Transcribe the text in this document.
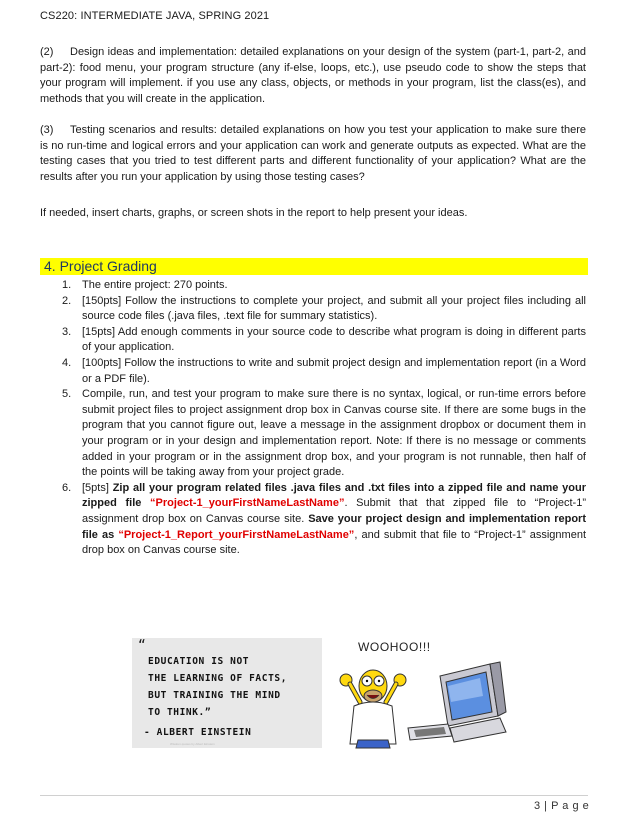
CS220: INTERMEDIATE JAVA, SPRING 2021
(2) Design ideas and implementation: detailed explanations on your design of the system (part-1, part-2, and part-2): food menu, your program structure (any if-else, loops, etc.), use pseudo code to show the steps that your program will implement. if you use any class, objects, or methods in your program, list the class(es), and methods that you will create in the application.
(3) Testing scenarios and results: detailed explanations on how you test your application to make sure there is no run-time and logical errors and your application can work and generate outputs as expected. What are the testing cases that you tried to test different parts and different functionality of your application? What are the results after you run your application by using those testing cases?
If needed, insert charts, graphs, or screen shots in the report to help present your ideas.
4. Project Grading
1. The entire project: 270 points.
2. [150pts] Follow the instructions to complete your project, and submit all your project files including all source code files (.java files, .text file for summary statistics).
3. [15pts] Add enough comments in your source code to describe what program is doing in different parts of your application.
4. [100pts] Follow the instructions to write and submit project design and implementation report (in a Word or a PDF file).
5. Compile, run, and test your program to make sure there is no syntax, logical, or run-time errors before submit project files to project assignment drop box in Canvas course site. If there are some bugs in the program that you cannot figure out, leave a message in the assignment dropbox or document them in your program or in your design and implementation report. Note: If there is no message or comments added in your program or in the assignment drop box, and your program is not runnable, then half of the points will be taking away from your project grade.
6. [5pts] Zip all your program related files .java files and .txt files into a zipped file and name your zipped file “Project-1_yourFirstNameLastName”. Submit that that zipped file to “Project-1” assignment drop box on Canvas course site. Save your project design and implementation report file as “Project-1_Report_yourFirstNameLastName”, and submit that file to “Project-1” assignment drop box on Canvas course site.
“
EDUCATION IS NOT
THE LEARNING OF FACTS,
BUT TRAINING THE MIND
TO THINK.”
- ALBERT EINSTEIN
Wisdom quotes by Albert Einstein
WOOHOO!!!
3 | P a g e
